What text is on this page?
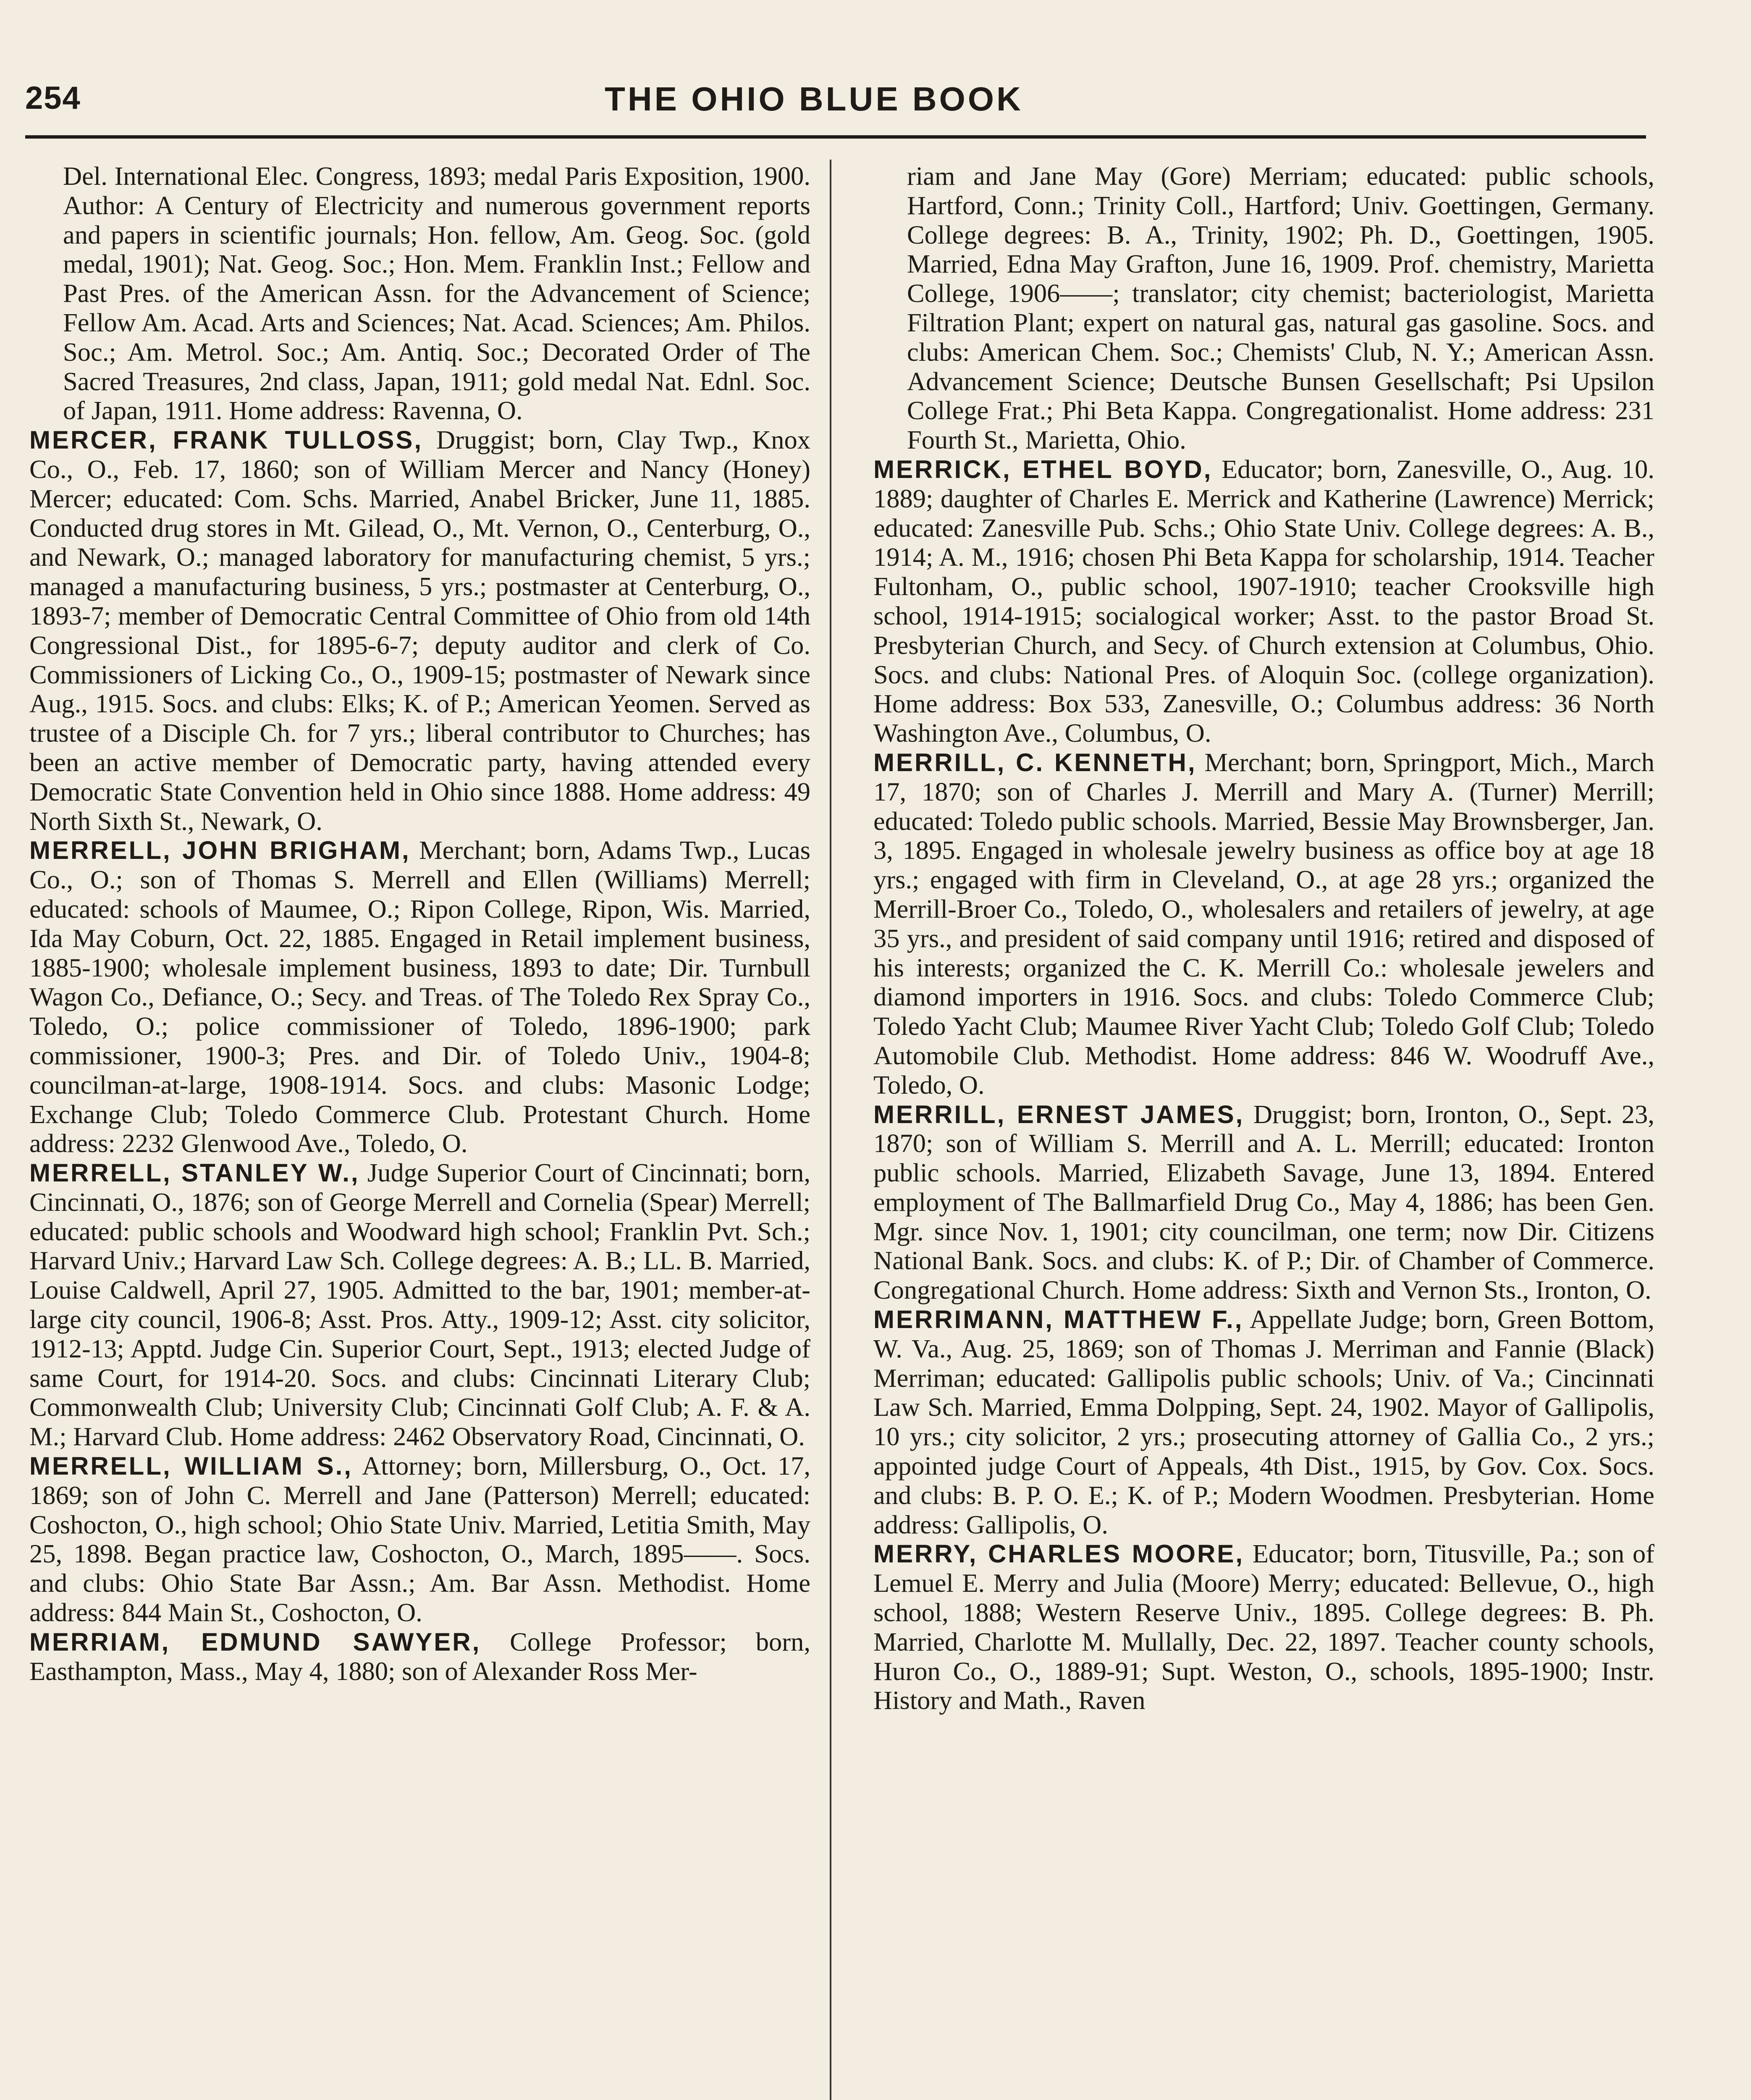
254	THE OHIO BLUE BOOK

Del. International Elec. Congress, 1893; medal Paris Exposition, 1900. Author: A Century of Electricity and numerous government reports and papers in scientific journals; Hon. fellow, Am. Geog. Soc. (gold medal, 1901); Nat. Geog. Soc.; Hon. Mem. Franklin Inst.; Fellow and Past Pres. of the American Assn. for the Advancement of Science; Fellow Am. Acad. Arts and Sciences; Nat. Acad. Sciences; Am. Philos. Soc.; Am. Metrol. Soc.; Am. Antiq. Soc.; Decorated Order of The Sacred Treasures, 2nd class, Japan, 1911; gold medal Nat. Ednl. Soc. of Japan, 1911. Home address: Ravenna, O.

MERCER, FRANK TULLOSS, Druggist; born, Clay Twp., Knox Co., O., Feb. 17, 1860; son of William Mercer and Nancy (Honey) Mercer; educated: Com. Schs. Married, Anabel Bricker, June 11, 1885. Conducted drug stores in Mt. Gilead, O., Mt. Vernon, O., Centerburg, O., and Newark, O.; managed laboratory for manufacturing chemist, 5 yrs.; managed a manufacturing business, 5 yrs.; postmaster at Centerburg, O., 1893-7; member of Democratic Central Committee of Ohio from old 14th Congressional Dist., for 1895-6-7; deputy auditor and clerk of Co. Commissioners of Licking Co., O., 1909-15; postmaster of Newark since Aug., 1915. Socs. and clubs: Elks; K. of P.; American Yeomen. Served as trustee of a Disciple Ch. for 7 yrs.; liberal contributor to Churches; has been an active member of Democratic party, having attended every Democratic State Convention held in Ohio since 1888. Home address: 49 North Sixth St., Newark, O.

MERRELL, JOHN BRIGHAM, Merchant; born, Adams Twp., Lucas Co., O.; son of Thomas S. Merrell and Ellen (Williams) Merrell; educated: schools of Maumee, O.; Ripon College, Ripon, Wis. Married, Ida May Coburn, Oct. 22, 1885. Engaged in Retail implement business, 1885-1900; wholesale implement business, 1893 to date; Dir. Turnbull Wagon Co., Defiance, O.; Secy. and Treas. of The Toledo Rex Spray Co., Toledo, O.; police commissioner of Toledo, 1896-1900; park commissioner, 1900-3; Pres. and Dir. of Toledo Univ., 1904-8; councilman-at-large, 1908-1914. Socs. and clubs: Masonic Lodge; Exchange Club; Toledo Commerce Club. Protestant Church. Home address: 2232 Glenwood Ave., Toledo, O.

MERRELL, STANLEY W., Judge Superior Court of Cincinnati; born, Cincinnati, O., 1876; son of George Merrell and Cornelia (Spear) Merrell; educated: public schools and Woodward high school; Franklin Pvt. Sch.; Harvard Univ.; Harvard Law Sch. College degrees: A. B.; LL. B. Married, Louise Caldwell, April 27, 1905. Admitted to the bar, 1901; member-at-large city council, 1906-8; Asst. Pros. Atty., 1909-12; Asst. city solicitor, 1912-13; Apptd. Judge Cin. Superior Court, Sept., 1913; elected Judge of same Court, for 1914-20. Socs. and clubs: Cincinnati Literary Club; Commonwealth Club; University Club; Cincinnati Golf Club; A. F. & A. M.; Harvard Club. Home address: 2462 Observatory Road, Cincinnati, O.

MERRELL, WILLIAM S., Attorney; born, Millersburg, O., Oct. 17, 1869; son of John C. Merrell and Jane (Patterson) Merrell; educated: Coshocton, O., high school; Ohio State Univ. Married, Letitia Smith, May 25, 1898. Began practice law, Coshocton, O., March, 1895——. Socs. and clubs: Ohio State Bar Assn.; Am. Bar Assn. Methodist. Home address: 844 Main St., Coshocton, O.

MERRIAM, EDMUND SAWYER, College Professor; born, Easthampton, Mass., May 4, 1880; son of Alexander Ross Mer-

riam and Jane May (Gore) Merriam; educated: public schools, Hartford, Conn.; Trinity Coll., Hartford; Univ. Goettingen, Germany. College degrees: B. A., Trinity, 1902; Ph. D., Goettingen, 1905. Married, Edna May Grafton, June 16, 1909. Prof. chemistry, Marietta College, 1906——; translator; city chemist; bacteriologist, Marietta Filtration Plant; expert on natural gas, natural gas gasoline. Socs. and clubs: American Chem. Soc.; Chemists' Club, N. Y.; American Assn. Advancement Science; Deutsche Bunsen Gesellschaft; Psi Upsilon College Frat.; Phi Beta Kappa. Congregationalist. Home address: 231 Fourth St., Marietta, Ohio.

MERRICK, ETHEL BOYD, Educator; born, Zanesville, O., Aug. 10. 1889; daughter of Charles E. Merrick and Katherine (Lawrence) Merrick; educated: Zanesville Pub. Schs.; Ohio State Univ. College degrees: A. B., 1914; A. M., 1916; chosen Phi Beta Kappa for scholarship, 1914. Teacher Fultonham, O., public school, 1907-1910; teacher Crooksville high school, 1914-1915; socialogical worker; Asst. to the pastor Broad St. Presbyterian Church, and Secy. of Church extension at Columbus, Ohio. Socs. and clubs: National Pres. of Aloquin Soc. (college organization). Home address: Box 533, Zanesville, O.; Columbus address: 36 North Washington Ave., Columbus, O.

MERRILL, C. KENNETH, Merchant; born, Springport, Mich., March 17, 1870; son of Charles J. Merrill and Mary A. (Turner) Merrill; educated: Toledo public schools. Married, Bessie May Brownsberger, Jan. 3, 1895. Engaged in wholesale jewelry business as office boy at age 18 yrs.; engaged with firm in Cleveland, O., at age 28 yrs.; organized the Merrill-Broer Co., Toledo, O., wholesalers and retailers of jewelry, at age 35 yrs., and president of said company until 1916; retired and disposed of his interests; organized the C. K. Merrill Co.: wholesale jewelers and diamond importers in 1916. Socs. and clubs: Toledo Commerce Club; Toledo Yacht Club; Maumee River Yacht Club; Toledo Golf Club; Toledo Automobile Club. Methodist. Home address: 846 W. Woodruff Ave., Toledo, O.

MERRILL, ERNEST JAMES, Druggist; born, Ironton, O., Sept. 23, 1870; son of William S. Merrill and A. L. Merrill; educated: Ironton public schools. Married, Elizabeth Savage, June 13, 1894. Entered employment of The Ballmarfield Drug Co., May 4, 1886; has been Gen. Mgr. since Nov. 1, 1901; city councilman, one term; now Dir. Citizens National Bank. Socs. and clubs: K. of P.; Dir. of Chamber of Commerce. Congregational Church. Home address: Sixth and Vernon Sts., Ironton, O.

MERRIMANN, MATTHEW F., Appellate Judge; born, Green Bottom, W. Va., Aug. 25, 1869; son of Thomas J. Merriman and Fannie (Black) Merriman; educated: Gallipolis public schools; Univ. of Va.; Cincinnati Law Sch. Married, Emma Dolpping, Sept. 24, 1902. Mayor of Gallipolis, 10 yrs.; city solicitor, 2 yrs.; prosecuting attorney of Gallia Co., 2 yrs.; appointed judge Court of Appeals, 4th Dist., 1915, by Gov. Cox. Socs. and clubs: B. P. O. E.; K. of P.; Modern Woodmen. Presbyterian. Home address: Gallipolis, O.

MERRY, CHARLES MOORE, Educator; born, Titusville, Pa.; son of Lemuel E. Merry and Julia (Moore) Merry; educated: Bellevue, O., high school, 1888; Western Reserve Univ., 1895. College degrees: B. Ph. Married, Charlotte M. Mullally, Dec. 22, 1897. Teacher county schools, Huron Co., O., 1889-91; Supt. Weston, O., schools, 1895-1900; Instr. History and Math., Raven
